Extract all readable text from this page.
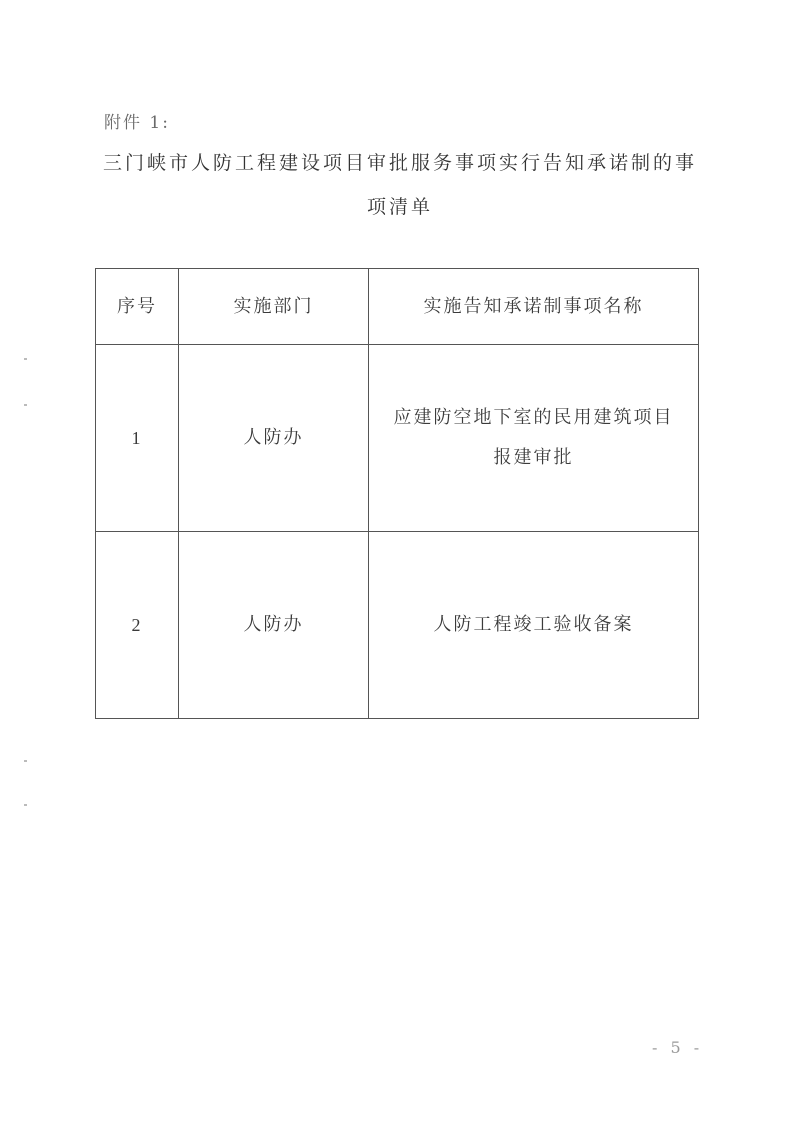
附件 1:
三门峡市人防工程建设项目审批服务事项实行告知承诺制的事
项清单
序号	实施部门	实施告知承诺制事项名称
1	人防办	应建防空地下室的民用建筑项目
报建审批

2	人防办	人防工程竣工验收备案
- 5 -
